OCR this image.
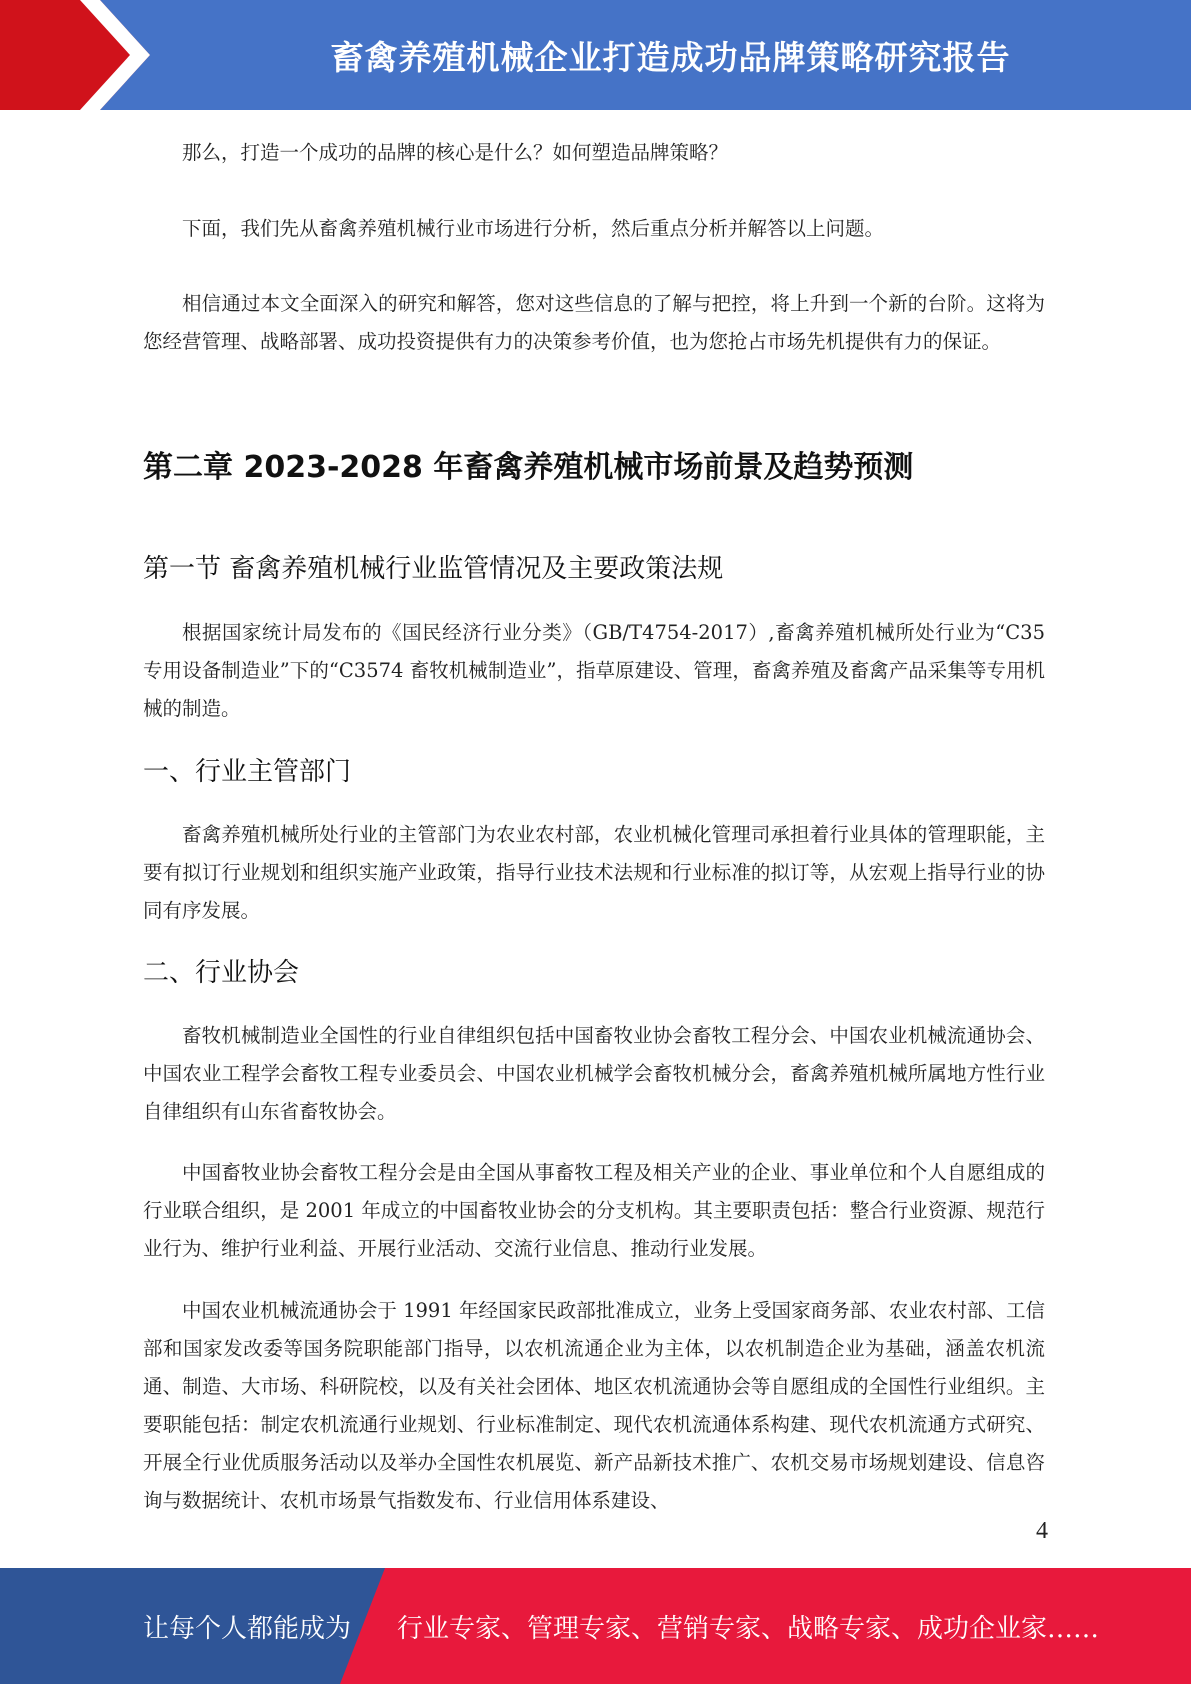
畜禽养殖机械企业打造成功品牌策略研究报告

那么，打造一个成功的品牌的核心是什么？如何塑造品牌策略？

下面，我们先从畜禽养殖机械行业市场进行分析，然后重点分析并解答以上问题。

相信通过本文全面深入的研究和解答，您对这些信息的了解与把控，将上升到一个新的台阶。这将为您经营管理、战略部署、成功投资提供有力的决策参考价值，也为您抢占市场先机提供有力的保证。

第二章 2023-2028 年畜禽养殖机械市场前景及趋势预测
第一节 畜禽养殖机械行业监管情况及主要政策法规

根据国家统计局发布的《国民经济行业分类》（GB/T4754-2017）,畜禽养殖机械所处行业为“C35 专用设备制造业”下的“C3574 畜牧机械制造业”，指草原建设、管理，畜禽养殖及畜禽产品采集等专用机械的制造。

一、行业主管部门

畜禽养殖机械所处行业的主管部门为农业农村部，农业机械化管理司承担着行业具体的管理职能，主要有拟订行业规划和组织实施产业政策，指导行业技术法规和行业标准的拟订等，从宏观上指导行业的协同有序发展。

二、行业协会

畜牧机械制造业全国性的行业自律组织包括中国畜牧业协会畜牧工程分会、中国农业机械流通协会、中国农业工程学会畜牧工程专业委员会、中国农业机械学会畜牧机械分会，畜禽养殖机械所属地方性行业自律组织有山东省畜牧协会。

中国畜牧业协会畜牧工程分会是由全国从事畜牧工程及相关产业的企业、事业单位和个人自愿组成的行业联合组织，是 2001 年成立的中国畜牧业协会的分支机构。其主要职责包括：整合行业资源、规范行业行为、维护行业利益、开展行业活动、交流行业信息、推动行业发展。

中国农业机械流通协会于 1991 年经国家民政部批准成立，业务上受国家商务部、农业农村部、工信部和国家发改委等国务院职能部门指导，以农机流通企业为主体，以农机制造企业为基础，涵盖农机流通、制造、大市场、科研院校，以及有关社会团体、地区农机流通协会等自愿组成的全国性行业组织。主要职能包括：制定农机流通行业规划、行业标准制定、现代农机流通体系构建、现代农机流通方式研究、开展全行业优质服务活动以及举办全国性农机展览、新产品新技术推广、农机交易市场规划建设、信息咨询与数据统计、农机市场景气指数发布、行业信用体系建设、

4
让每个人都能成为 行业专家、管理专家、营销专家、战略专家、成功企业家……
